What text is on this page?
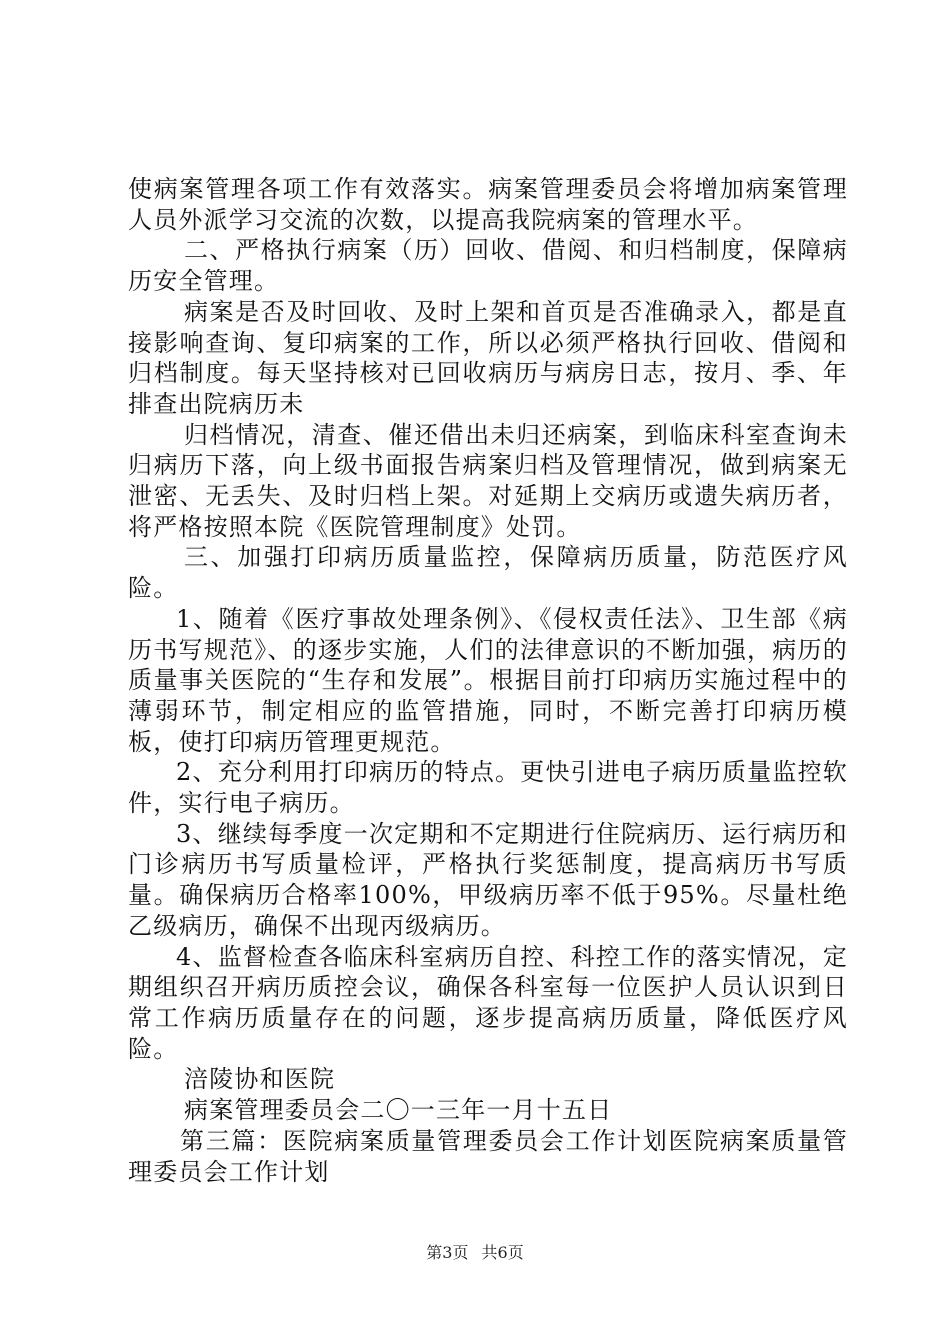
使病案管理各项工作有效落实。病案管理委员会将增加病案管理人员外派学习交流的次数，以提高我院病案的管理水平。

二、严格执行病案（历）回收、借阅、和归档制度，保障病历安全管理。

病案是否及时回收、及时上架和首页是否准确录入，都是直接影响查询、复印病案的工作，所以必须严格执行回收、借阅和归档制度。每天坚持核对已回收病历与病房日志，按月、季、年排查出院病历未

归档情况，清查、催还借出未归还病案，到临床科室查询未归病历下落，向上级书面报告病案归档及管理情况，做到病案无泄密、无丢失、及时归档上架。对延期上交病历或遗失病历者，将严格按照本院《医院管理制度》处罚。

三、加强打印病历质量监控，保障病历质量，防范医疗风险。

1、随着《医疗事故处理条例》、《侵权责任法》、卫生部《病历书写规范》、的逐步实施，人们的法律意识的不断加强，病历的质量事关医院的“生存和发展”。根据目前打印病历实施过程中的薄弱环节，制定相应的监管措施，同时，不断完善打印病历模板，使打印病历管理更规范。

2、充分利用打印病历的特点。更快引进电子病历质量监控软件，实行电子病历。

3、继续每季度一次定期和不定期进行住院病历、运行病历和门诊病历书写质量检评，严格执行奖惩制度，提高病历书写质量。确保病历合格率100%，甲级病历率不低于95%。尽量杜绝乙级病历，确保不出现丙级病历。

4、监督检查各临床科室病历自控、科控工作的落实情况，定期组织召开病历质控会议，确保各科室每一位医护人员认识到日常工作病历质量存在的问题，逐步提高病历质量，降低医疗风险。

涪陵协和医院

病案管理委员会二〇一三年一月十五日

第三篇：医院病案质量管理委员会工作计划医院病案质量管理委员会工作计划

第3页 共6页
